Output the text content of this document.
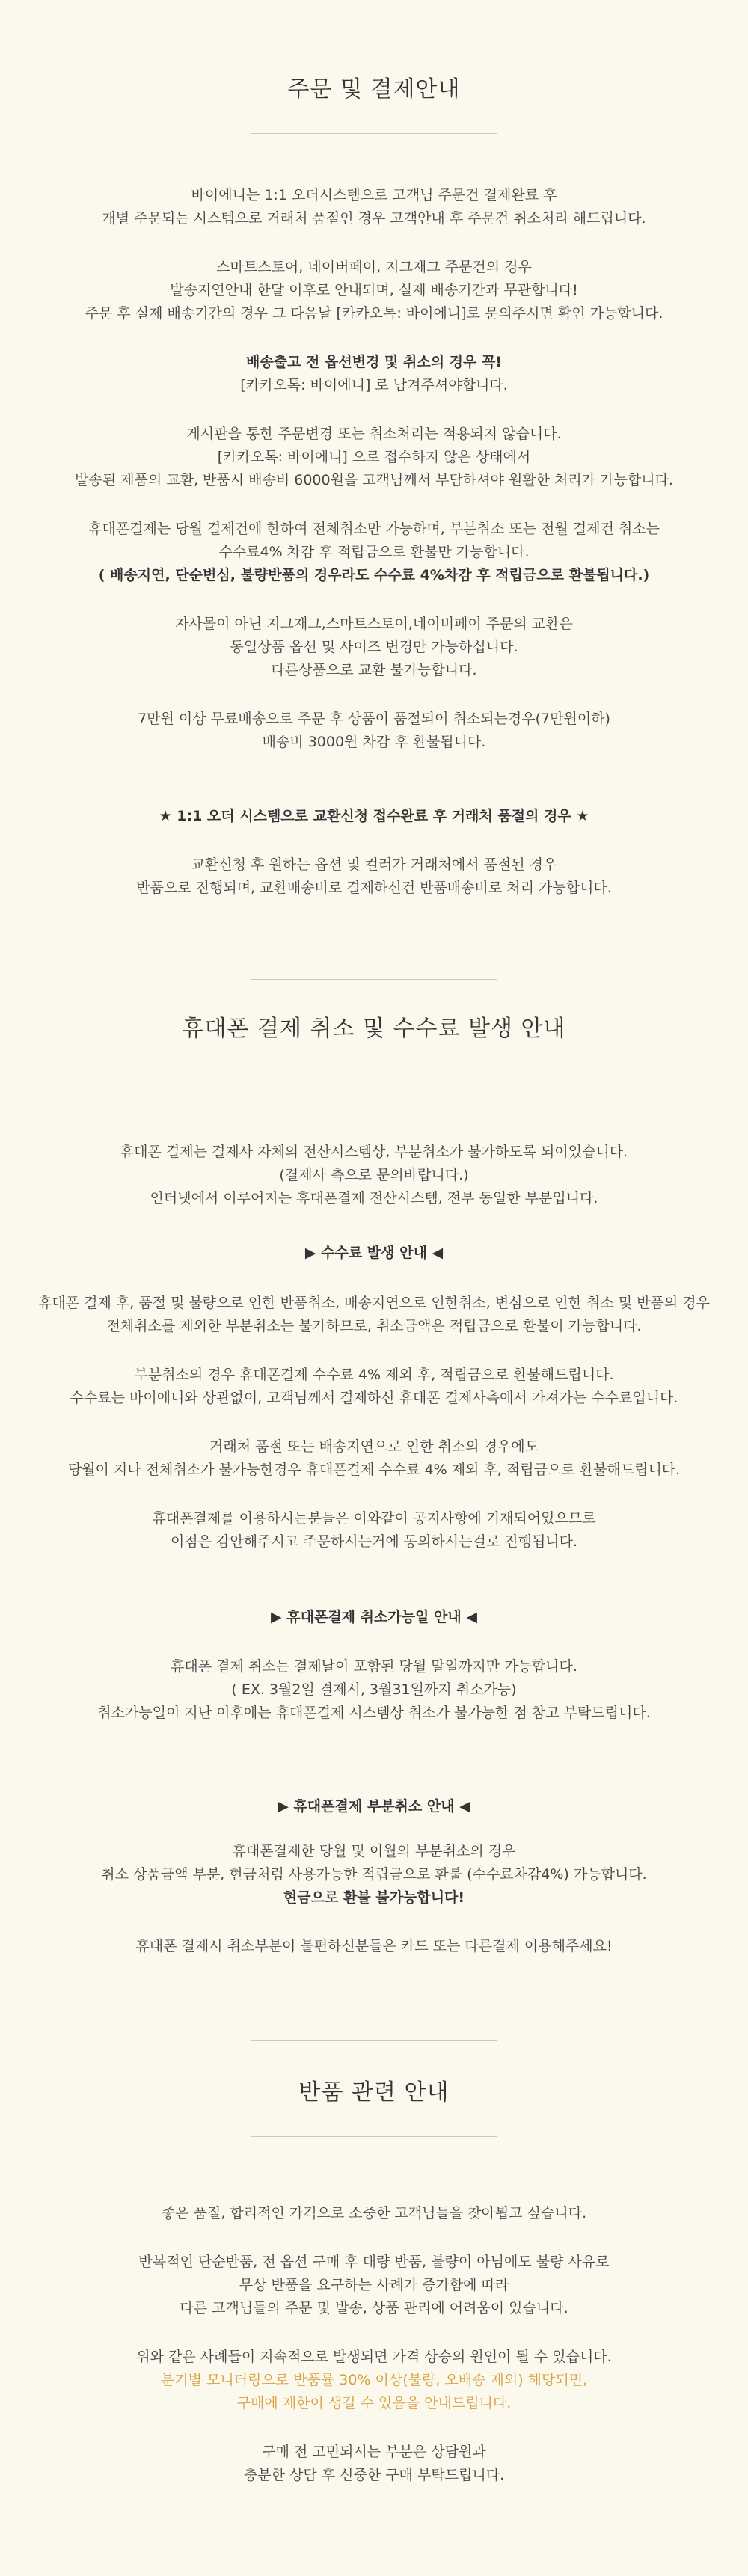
주문 및 결제안내
바이에니는 1:1 오더시스템으로 고객님 주문건 결제완료 후
개별 주문되는 시스템으로 거래처 품절인 경우 고객안내 후 주문건 취소처리 해드립니다.
스마트스토어, 네이버페이, 지그재그 주문건의 경우
발송지연안내 한달 이후로 안내되며, 실제 배송기간과 무관합니다!
주문 후 실제 배송기간의 경우 그 다음날 [카카오톡: 바이에니]로 문의주시면 확인 가능합니다.
배송출고 전 옵션변경 및 취소의 경우 꼭!
[카카오톡: 바이에니] 로 남겨주셔야합니다.
게시판을 통한 주문변경 또는 취소처리는 적용되지 않습니다.
[카카오톡: 바이에니] 으로 접수하지 않은 상태에서
발송된 제품의 교환, 반품시 배송비 6000원을 고객님께서 부담하셔야 원활한 처리가 가능합니다.
휴대폰결제는 당월 결제건에 한하여 전체취소만 가능하며, 부분취소 또는 전월 결제건 취소는
수수료4% 차감 후 적립금으로 환불만 가능합니다.
( 배송지연, 단순변심, 불량반품의 경우라도 수수료 4%차감 후 적립금으로 환불됩니다.)
자사몰이 아닌 지그재그,스마트스토어,네이버페이 주문의 교환은
동일상품 옵션 및 사이즈 변경만 가능하십니다.
다른상품으로 교환 불가능합니다.
7만원 이상 무료배송으로 주문 후 상품이 품절되어 취소되는경우(7만원이하)
배송비 3000원 차감 후 환불됩니다.
★ 1:1 오더 시스템으로 교환신청 접수완료 후 거래처 품절의 경우 ★
교환신청 후 원하는 옵션 및 컬러가 거래처에서 품절된 경우
반품으로 진행되며, 교환배송비로 결제하신건 반품배송비로 처리 가능합니다.
휴대폰 결제 취소 및 수수료 발생 안내
휴대폰 결제는 결제사 자체의 전산시스템상, 부분취소가 불가하도록 되어있습니다.
(결제사 측으로 문의바랍니다.)
인터넷에서 이루어지는 휴대폰결제 전산시스템, 전부 동일한 부분입니다.
▶ 수수료 발생 안내 ◀
휴대폰 결제 후, 품절 및 불량으로 인한 반품취소, 배송지연으로 인한취소, 변심으로 인한 취소 및 반품의 경우
전체취소를 제외한 부분취소는 불가하므로, 취소금액은 적립금으로 환불이 가능합니다.
부분취소의 경우 휴대폰결제 수수료 4% 제외 후, 적립금으로 환불해드립니다.
수수료는 바이에니와 상관없이, 고객님께서 결제하신 휴대폰 결제사측에서 가져가는 수수료입니다.
거래처 품절 또는 배송지연으로 인한 취소의 경우에도
당월이 지나 전체취소가 불가능한경우 휴대폰결제 수수료 4% 제외 후, 적립금으로 환불해드립니다.
휴대폰결제를 이용하시는분들은 이와같이 공지사항에 기재되어있으므로
이점은 감안해주시고 주문하시는거에 동의하시는걸로 진행됩니다.
▶ 휴대폰결제 취소가능일 안내 ◀
휴대폰 결제 취소는 결제날이 포함된 당월 말일까지만 가능합니다.
( EX. 3월2일 결제시, 3월31일까지 취소가능)
취소가능일이 지난 이후에는 휴대폰결제 시스템상 취소가 불가능한 점 참고 부탁드립니다.
▶ 휴대폰결제 부분취소 안내 ◀
휴대폰결제한 당월 및 이월의 부분취소의 경우
취소 상품금액 부분, 현금처럼 사용가능한 적립금으로 환불 (수수료차감4%) 가능합니다.
현금으로 환불 불가능합니다!
휴대폰 결제시 취소부분이 불편하신분들은 카드 또는 다른결제 이용해주세요!
반품 관련 안내
좋은 품질, 합리적인 가격으로 소중한 고객님들을 찾아뵙고 싶습니다.
반복적인 단순반품, 전 옵션 구매 후 대량 반품, 불량이 아님에도 불량 사유로
무상 반품을 요구하는 사례가 증가함에 따라
다른 고객님들의 주문 및 발송, 상품 관리에 어려움이 있습니다.
위와 같은 사례들이 지속적으로 발생되면 가격 상승의 원인이 될 수 있습니다.
분기별 모니터링으로 반품률 30% 이상(불량, 오배송 제외) 해당되면,
구매에 제한이 생길 수 있음을 안내드립니다.
구매 전 고민되시는 부분은 상담원과
충분한 상담 후 신중한 구매 부탁드립니다.
